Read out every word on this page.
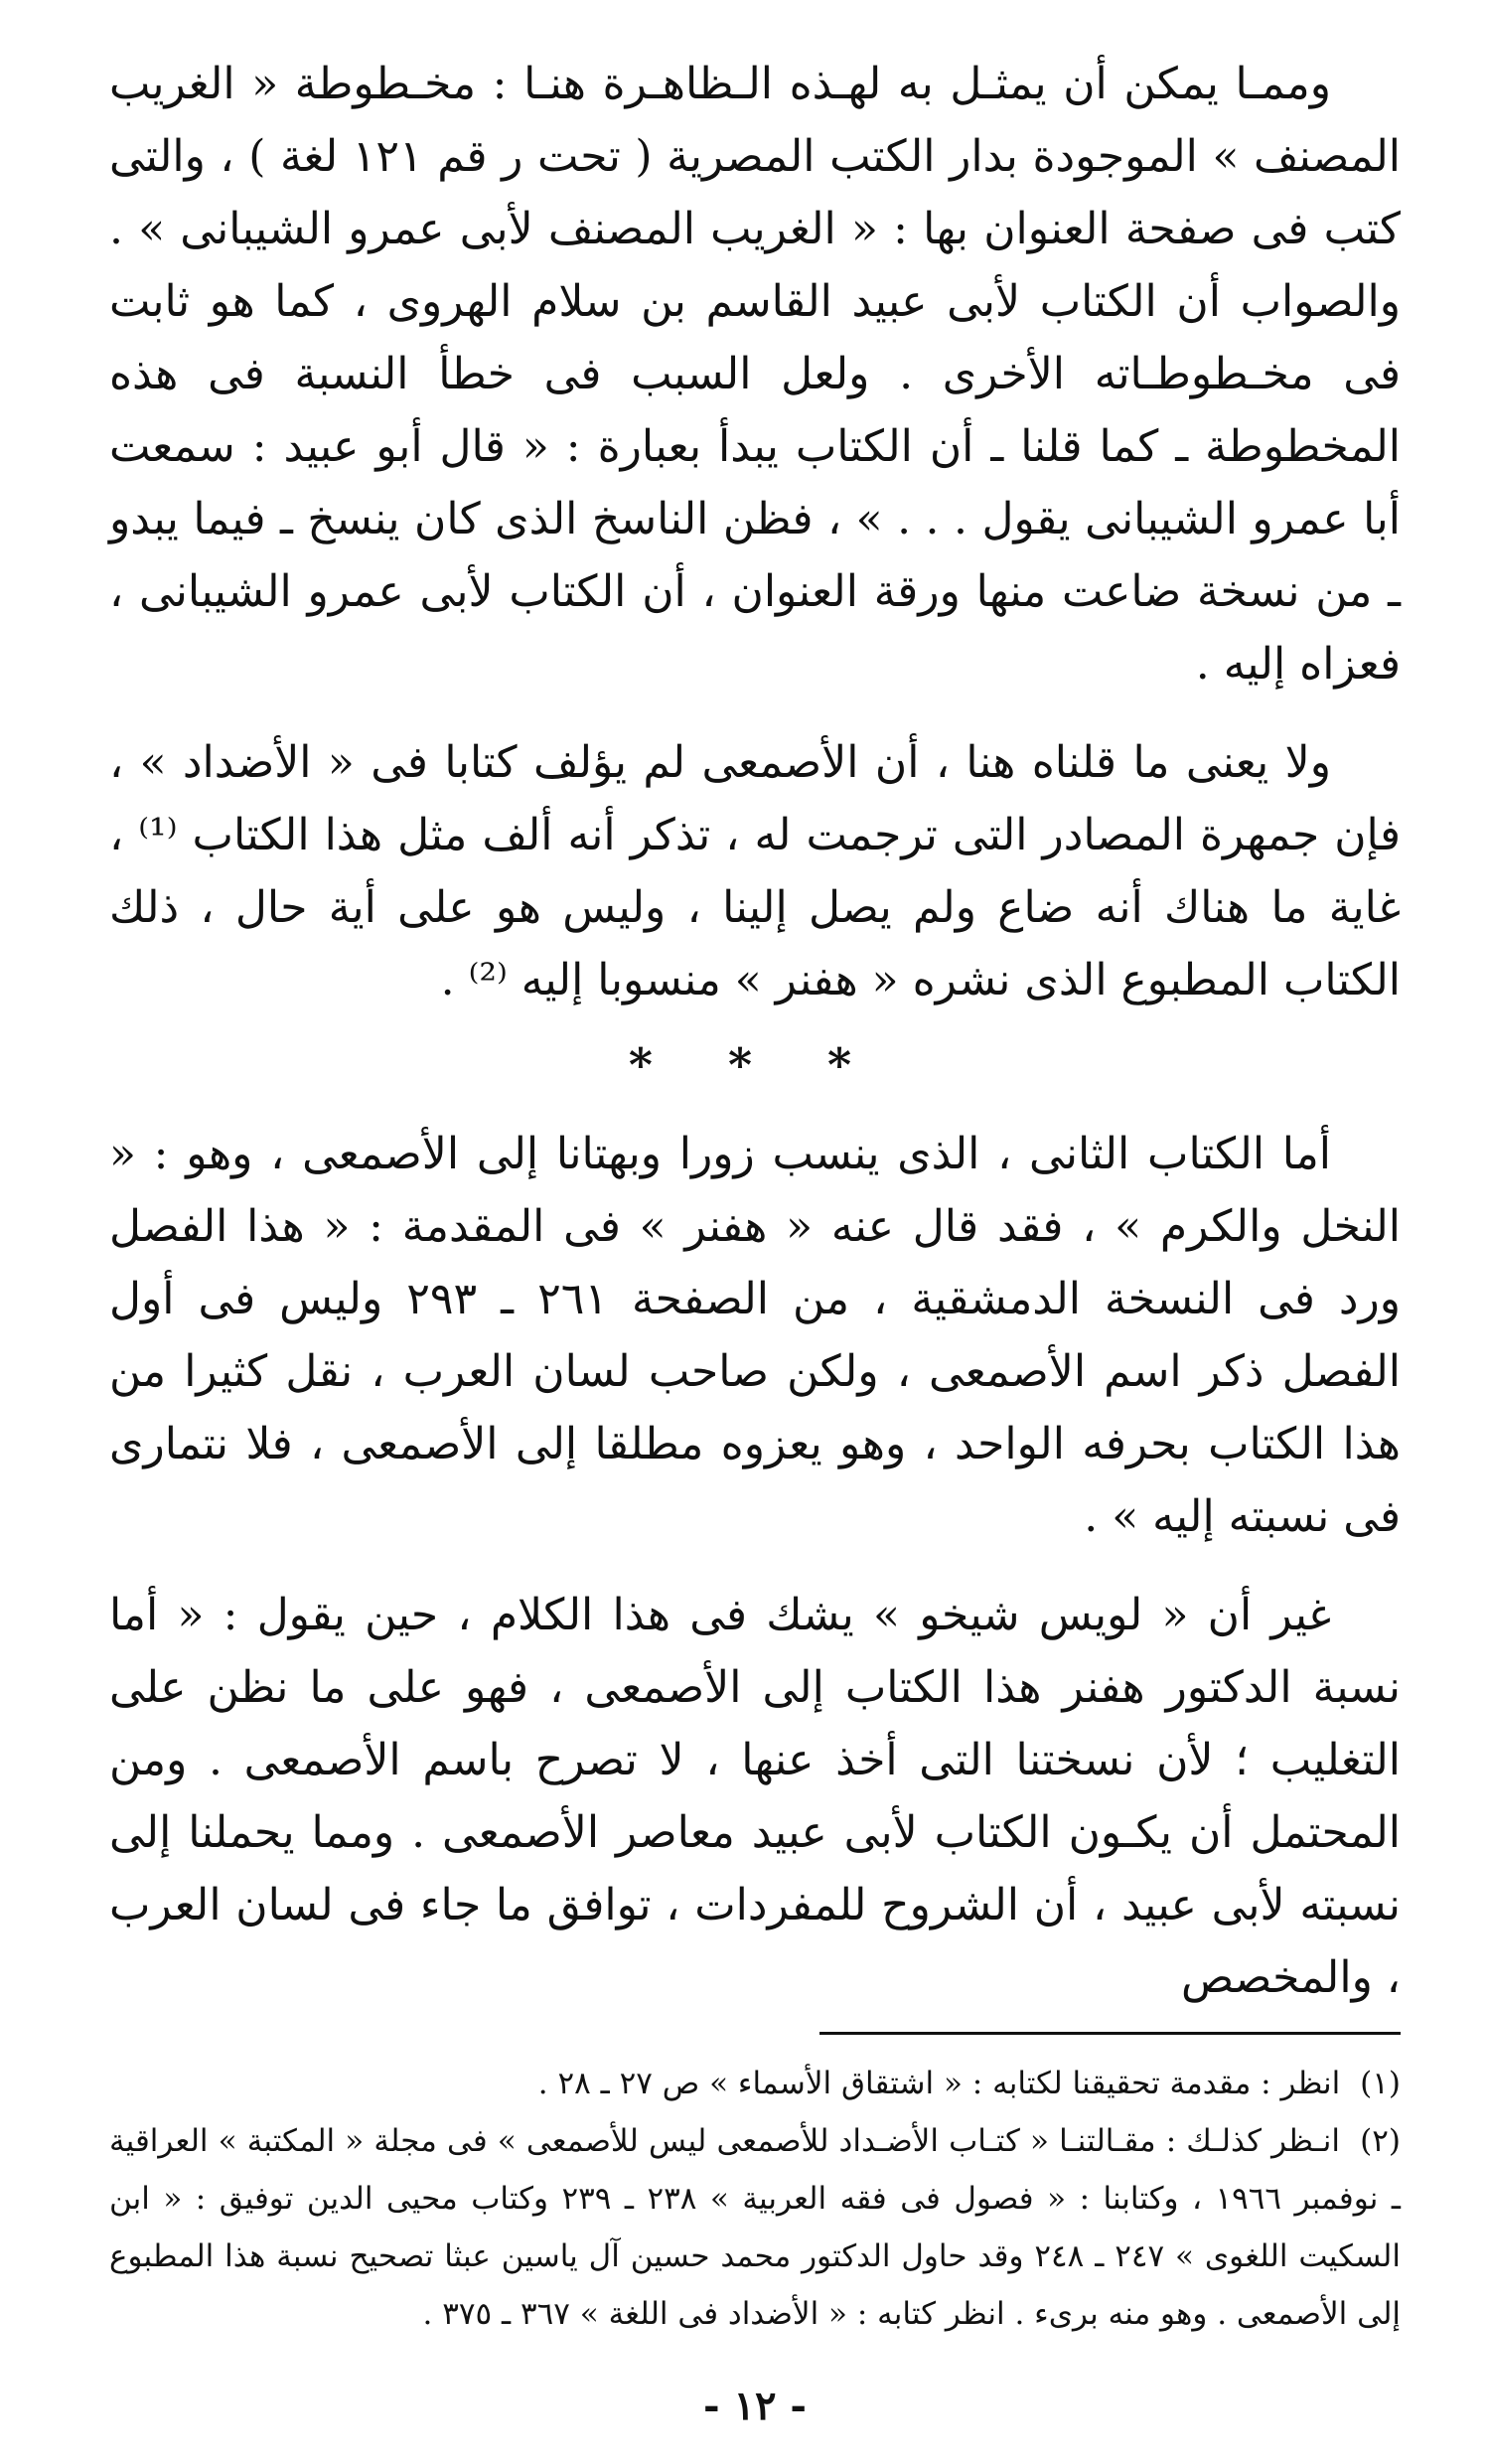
وممـا يمكن أن يمثـل به لهـذه الـظاهـرة هنـا : مخـطوطة « الغريب المصنف » الموجودة بدار الكتب المصرية ( تحت ر قم ١٢١ لغة ) ، والتى كتب فى صفحة العنوان بها : « الغريب المصنف لأبى عمرو الشيبانى » . والصواب أن الكتاب لأبى عبيد القاسم بن سلام الهروى ، كما هو ثابت فى مخـطوطـاته الأخرى . ولعل السبب فى خطأ النسبة فى هذه المخطوطة ـ كما قلنا ـ أن الكتاب يبدأ بعبارة : « قال أبو عبيد : سمعت أبا عمرو الشيبانى يقول . . . » ، فظن الناسخ الذى كان ينسخ ـ فيما يبدو ـ من نسخة ضاعت منها ورقة العنوان ، أن الكتاب لأبى عمرو الشيبانى ، فعزاه إليه .

ولا يعنى ما قلناه هنا ، أن الأصمعى لم يؤلف كتابا فى « الأضداد » ، فإن جمهرة المصادر التى ترجمت له ، تذكر أنه ألف مثل هذا الكتاب ⁽¹⁾ ، غاية ما هناك أنه ضاع ولم يصل إلينا ، وليس هو على أية حال ، ذلك الكتاب المطبوع الذى نشره « هفنر » منسوبا إليه ⁽²⁾ .

* * *

أما الكتاب الثانى ، الذى ينسب زورا وبهتانا إلى الأصمعى ، وهو : « النخل والكرم » ، فقد قال عنه « هفنر » فى المقدمة : « هذا الفصل ورد فى النسخة الدمشقية ، من الصفحة ٢٦١ ـ ٢٩٣ وليس فى أول الفصل ذكر اسم الأصمعى ، ولكن صاحب لسان العرب ، نقل كثيرا من هذا الكتاب بحرفه الواحد ، وهو يعزوه مطلقا إلى الأصمعى ، فلا نتمارى فى نسبته إليه » .

غير أن « لويس شيخو » يشك فى هذا الكلام ، حين يقول : « أما نسبة الدكتور هفنر هذا الكتاب إلى الأصمعى ، فهو على ما نظن على التغليب ؛ لأن نسختنا التى أخذ عنها ، لا تصرح باسم الأصمعى . ومن المحتمل أن يكـون الكتاب لأبى عبيد معاصر الأصمعى . ومما يحملنا إلى نسبته لأبى عبيد ، أن الشروح للمفردات ، توافق ما جاء فى لسان العرب ، والمخصص

(١) انظر : مقدمة تحقيقنا لكتابه : « اشتقاق الأسماء » ص ٢٧ ـ ٢٨ .

(٢) انـظر كذلـك : مقـالتنـا « كتـاب الأضـداد للأصمعى ليس للأصمعى » فى مجلة « المكتبة » العراقية ـ نوفمبر ١٩٦٦ ، وكتابنا : « فصول فى فقه العربية » ٢٣٨ ـ ٢٣٩ وكتاب محيى الدين توفيق : « ابن السكيت اللغوى » ٢٤٧ ـ ٢٤٨ وقد حاول الدكتور محمد حسين آل ياسين عبثا تصحيح نسبة هذا المطبوع إلى الأصمعى . وهو منه برىء . انظر كتابه : « الأضداد فى اللغة » ٣٦٧ ـ ٣٧٥ .

- ١٢ -
